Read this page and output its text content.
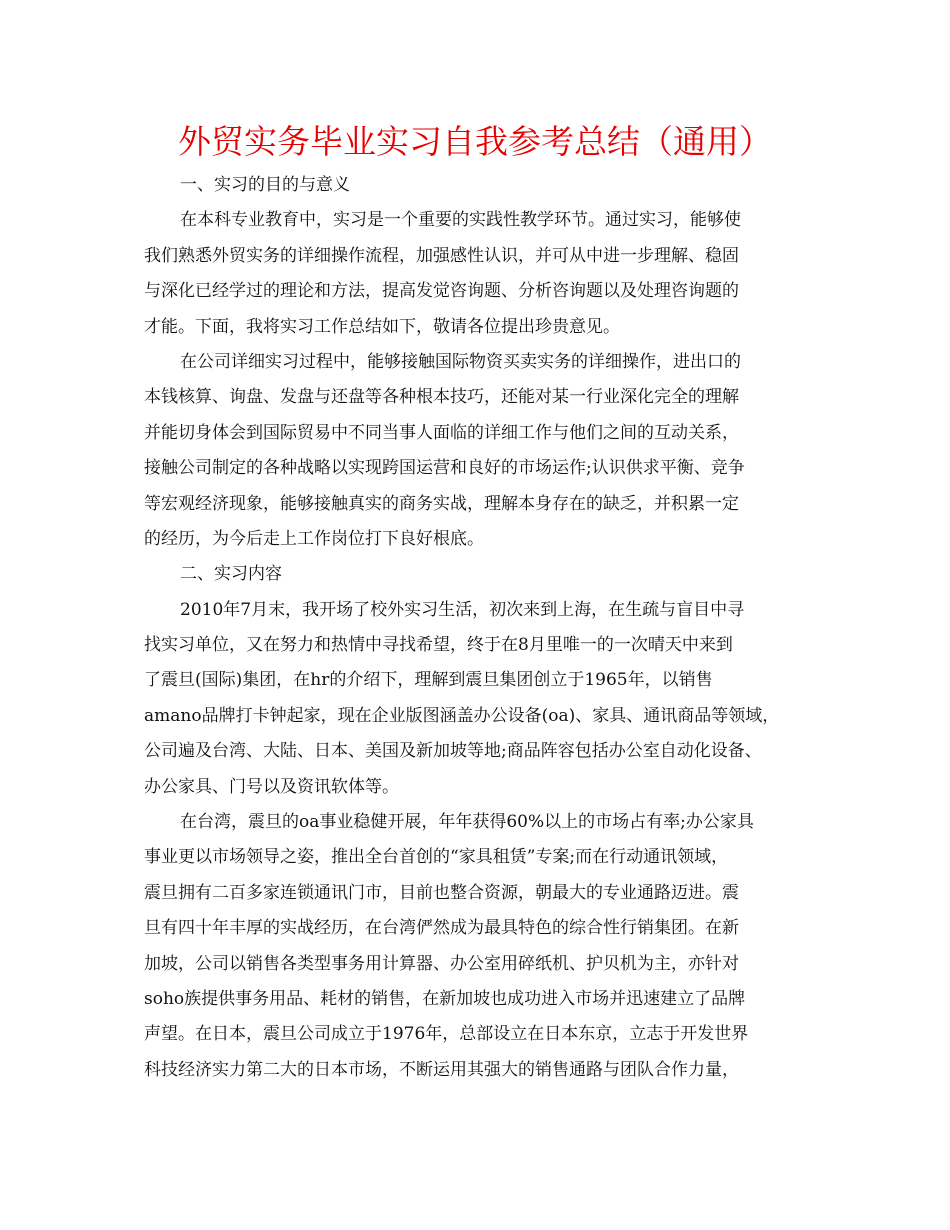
外贸实务毕业实习自我参考总结（通用）
一、实习的目的与意义
在本科专业教育中，实习是一个重要的实践性教学环节。通过实习，能够使
我们熟悉外贸实务的详细操作流程，加强感性认识，并可从中进一步理解、稳固
与深化已经学过的理论和方法，提高发觉咨询题、分析咨询题以及处理咨询题的
才能。下面，我将实习工作总结如下，敬请各位提出珍贵意见。
在公司详细实习过程中，能够接触国际物资买卖实务的详细操作，进出口的
本钱核算、询盘、发盘与还盘等各种根本技巧，还能对某一行业深化完全的理解
并能切身体会到国际贸易中不同当事人面临的详细工作与他们之间的互动关系，
接触公司制定的各种战略以实现跨国运营和良好的市场运作;认识供求平衡、竞争
等宏观经济现象，能够接触真实的商务实战，理解本身存在的缺乏，并积累一定
的经历，为今后走上工作岗位打下良好根底。
二、实习内容
2010年7月末，我开场了校外实习生活，初次来到上海，在生疏与盲目中寻
找实习单位，又在努力和热情中寻找希望，终于在8月里唯一的一次晴天中来到
了震旦(国际)集团，在hr的介绍下，理解到震旦集团创立于1965年，以销售
amano品牌打卡钟起家，现在企业版图涵盖办公设备(oa)、家具、通讯商品等领域，
公司遍及台湾、大陆、日本、美国及新加坡等地;商品阵容包括办公室自动化设备、
办公家具、门号以及资讯软体等。
在台湾，震旦的oa事业稳健开展，年年获得60%以上的市场占有率;办公家具
事业更以市场领导之姿，推出全台首创的“家具租赁”专案;而在行动通讯领域，
震旦拥有二百多家连锁通讯门市，目前也整合资源，朝最大的专业通路迈进。震
旦有四十年丰厚的实战经历，在台湾俨然成为最具特色的综合性行销集团。在新
加坡，公司以销售各类型事务用计算器、办公室用碎纸机、护贝机为主，亦针对
soho族提供事务用品、耗材的销售，在新加坡也成功进入市场并迅速建立了品牌
声望。在日本，震旦公司成立于1976年，总部设立在日本东京，立志于开发世界
科技经济实力第二大的日本市场，不断运用其强大的销售通路与团队合作力量，
